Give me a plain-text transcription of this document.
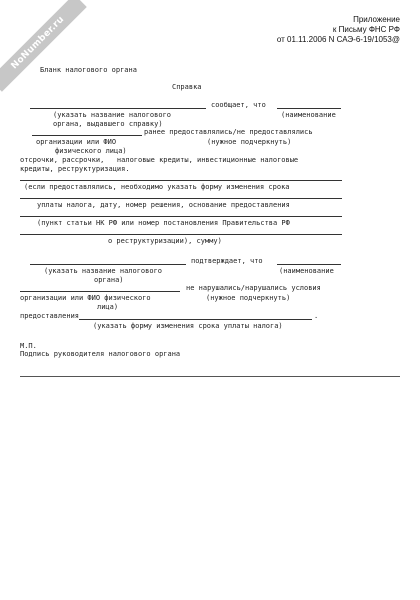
NoNumber.ru	Приложение
к Письму ФНС РФ
от 01.11.2006 N САЭ-6-19/1053@
Бланк налогового органа
Справка
сообщает, что
(указать название налогового	(наименование
органа, выдавшего справку)
ранее предоставлялись/не предоставлялись
организации или ФИО	(нужное подчеркнуть)
физического лица)
отсрочки, рассрочки,   налоговые кредиты, инвестиционные налоговые
кредиты, реструктуризация.
(если предоставлялись, необходимо указать форму изменения срока
уплаты налога, дату, номер решения, основание предоставления
(пункт статьи НК РФ или номер постановления Правительства РФ
о реструктуризации), сумму)
подтверждает, что
(указать название налогового	(наименование
органа)
не нарушались/нарушались условия
организации или ФИО физического	(нужное подчеркнуть)
лица)
предоставления	.
(указать форму изменения срока уплаты налога)
М.П.
Подпись руководителя налогового органа
